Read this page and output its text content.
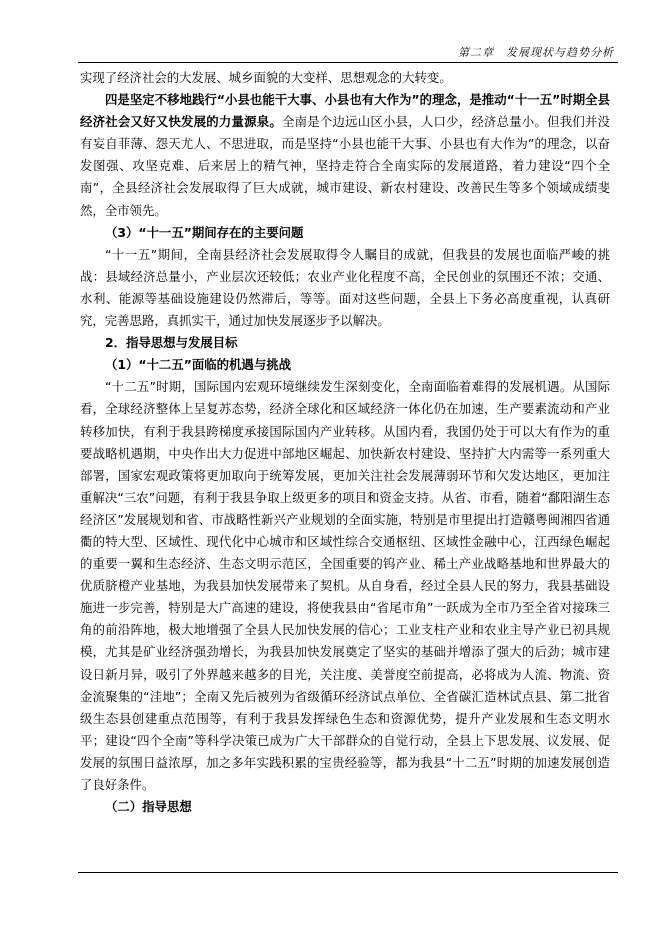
第二章　发展现状与趋势分析

实现了经济社会的大发展、城乡面貌的大变样、思想观念的大转变。

四是坚定不移地践行“小县也能干大事、小县也有大作为”的理念，是推动“十一五”时期全县经济社会又好又快发展的力量源泉。全南是个边远山区小县，人口少，经济总量小。但我们并没有妄自菲薄、怨天尤人、不思进取，而是坚持“小县也能干大事、小县也有大作为”的理念，以奋发图强、攻坚克难、后来居上的精气神，坚持走符合全南实际的发展道路，着力建设“四个全南”，全县经济社会发展取得了巨大成就，城市建设、新农村建设、改善民生等多个领域成绩斐然，全市领先。

（3）“十一五”期间存在的主要问题

“十一五”期间，全南县经济社会发展取得令人瞩目的成就，但我县的发展也面临严峻的挑战：县域经济总量小，产业层次还较低；农业产业化程度不高，全民创业的氛围还不浓；交通、水利、能源等基础设施建设仍然滞后，等等。面对这些问题，全县上下务必高度重视，认真研究，完善思路，真抓实干，通过加快发展逐步予以解决。

2．指导思想与发展目标

（1）“十二五”面临的机遇与挑战

“十二五”时期，国际国内宏观环境继续发生深刻变化，全南面临着难得的发展机遇。从国际看，全球经济整体上呈复苏态势，经济全球化和区域经济一体化仍在加速，生产要素流动和产业转移加快，有利于我县跨梯度承接国际国内产业转移。从国内看，我国仍处于可以大有作为的重要战略机遇期，中央作出大力促进中部地区崛起、加快新农村建设、坚持扩大内需等一系列重大部署，国家宏观政策将更加取向于统筹发展，更加关注社会发展薄弱环节和欠发达地区，更加注重解决“三农”问题，有利于我县争取上级更多的项目和资金支持。从省、市看，随着“鄱阳湖生态经济区”发展规划和省、市战略性新兴产业规划的全面实施，特别是市里提出打造赣粤闽湘四省通衢的特大型、区域性、现代化中心城市和区域性综合交通枢纽、区域性金融中心，江西绿色崛起的重要一翼和生态经济、生态文明示范区，全国重要的钨产业、稀土产业战略基地和世界最大的优质脐橙产业基地，为我县加快发展带来了契机。从自身看，经过全县人民的努力，我县基础设施进一步完善，特别是大广高速的建设，将使我县由“省尾市角”一跃成为全市乃至全省对接珠三角的前沿阵地，极大地增强了全县人民加快发展的信心；工业支柱产业和农业主导产业已初具规模，尤其是矿业经济强劲增长，为我县加快发展奠定了坚实的基础并增添了强大的后劲；城市建设日新月异，吸引了外界越来越多的目光，关注度、美誉度空前提高，必将成为人流、物流、资金流聚集的“洼地”；全南又先后被列为省级循环经济试点单位、全省碳汇造林试点县、第二批省级生态县创建重点范围等，有利于我县发挥绿色生态和资源优势，提升产业发展和生态文明水平；建设“四个全南”等科学决策已成为广大干部群众的自觉行动，全县上下思发展、议发展、促发展的氛围日益浓厚，加之多年实践积累的宝贵经验等，都为我县“十二五”时期的加速发展创造了良好条件。

（二）指导思想
